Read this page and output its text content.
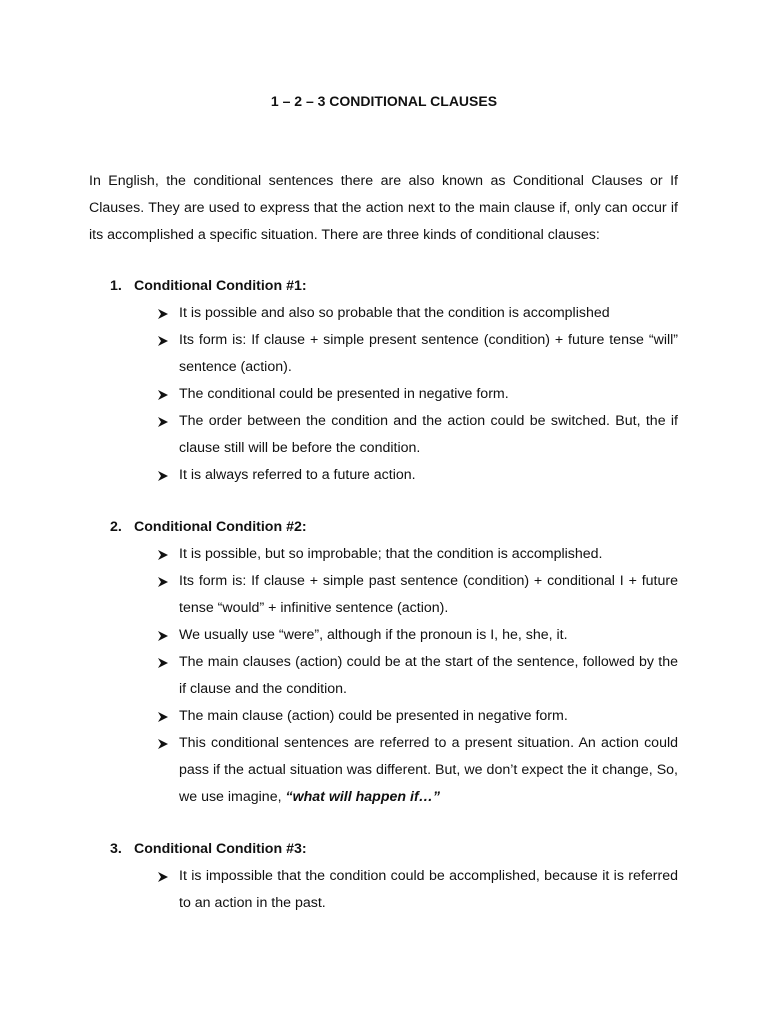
1 – 2 – 3 CONDITIONAL CLAUSES
In English, the conditional sentences there are also known as Conditional Clauses or If Clauses. They are used to express that the action next to the main clause if, only can occur if its accomplished a specific situation. There are three kinds of conditional clauses:
1. Conditional Condition #1:
It is possible and also so probable that the condition is accomplished
Its form is: If clause + simple present sentence (condition) + future tense “will” sentence (action).
The conditional could be presented in negative form.
The order between the condition and the action could be switched. But, the if clause still will be before the condition.
It is always referred to a future action.
2. Conditional Condition #2:
It is possible, but so improbable; that the condition is accomplished.
Its form is: If clause + simple past sentence (condition) + conditional I + future tense “would” + infinitive sentence (action).
We usually use “were”, although if the pronoun is I, he, she, it.
The main clauses (action) could be at the start of the sentence, followed by the if clause and the condition.
The main clause (action) could be presented in negative form.
This conditional sentences are referred to a present situation. An action could pass if the actual situation was different. But, we don’t expect the it change, So, we use imagine, “what will happen if…”
3. Conditional Condition #3:
It is impossible that the condition could be accomplished, because it is referred to an action in the past.
